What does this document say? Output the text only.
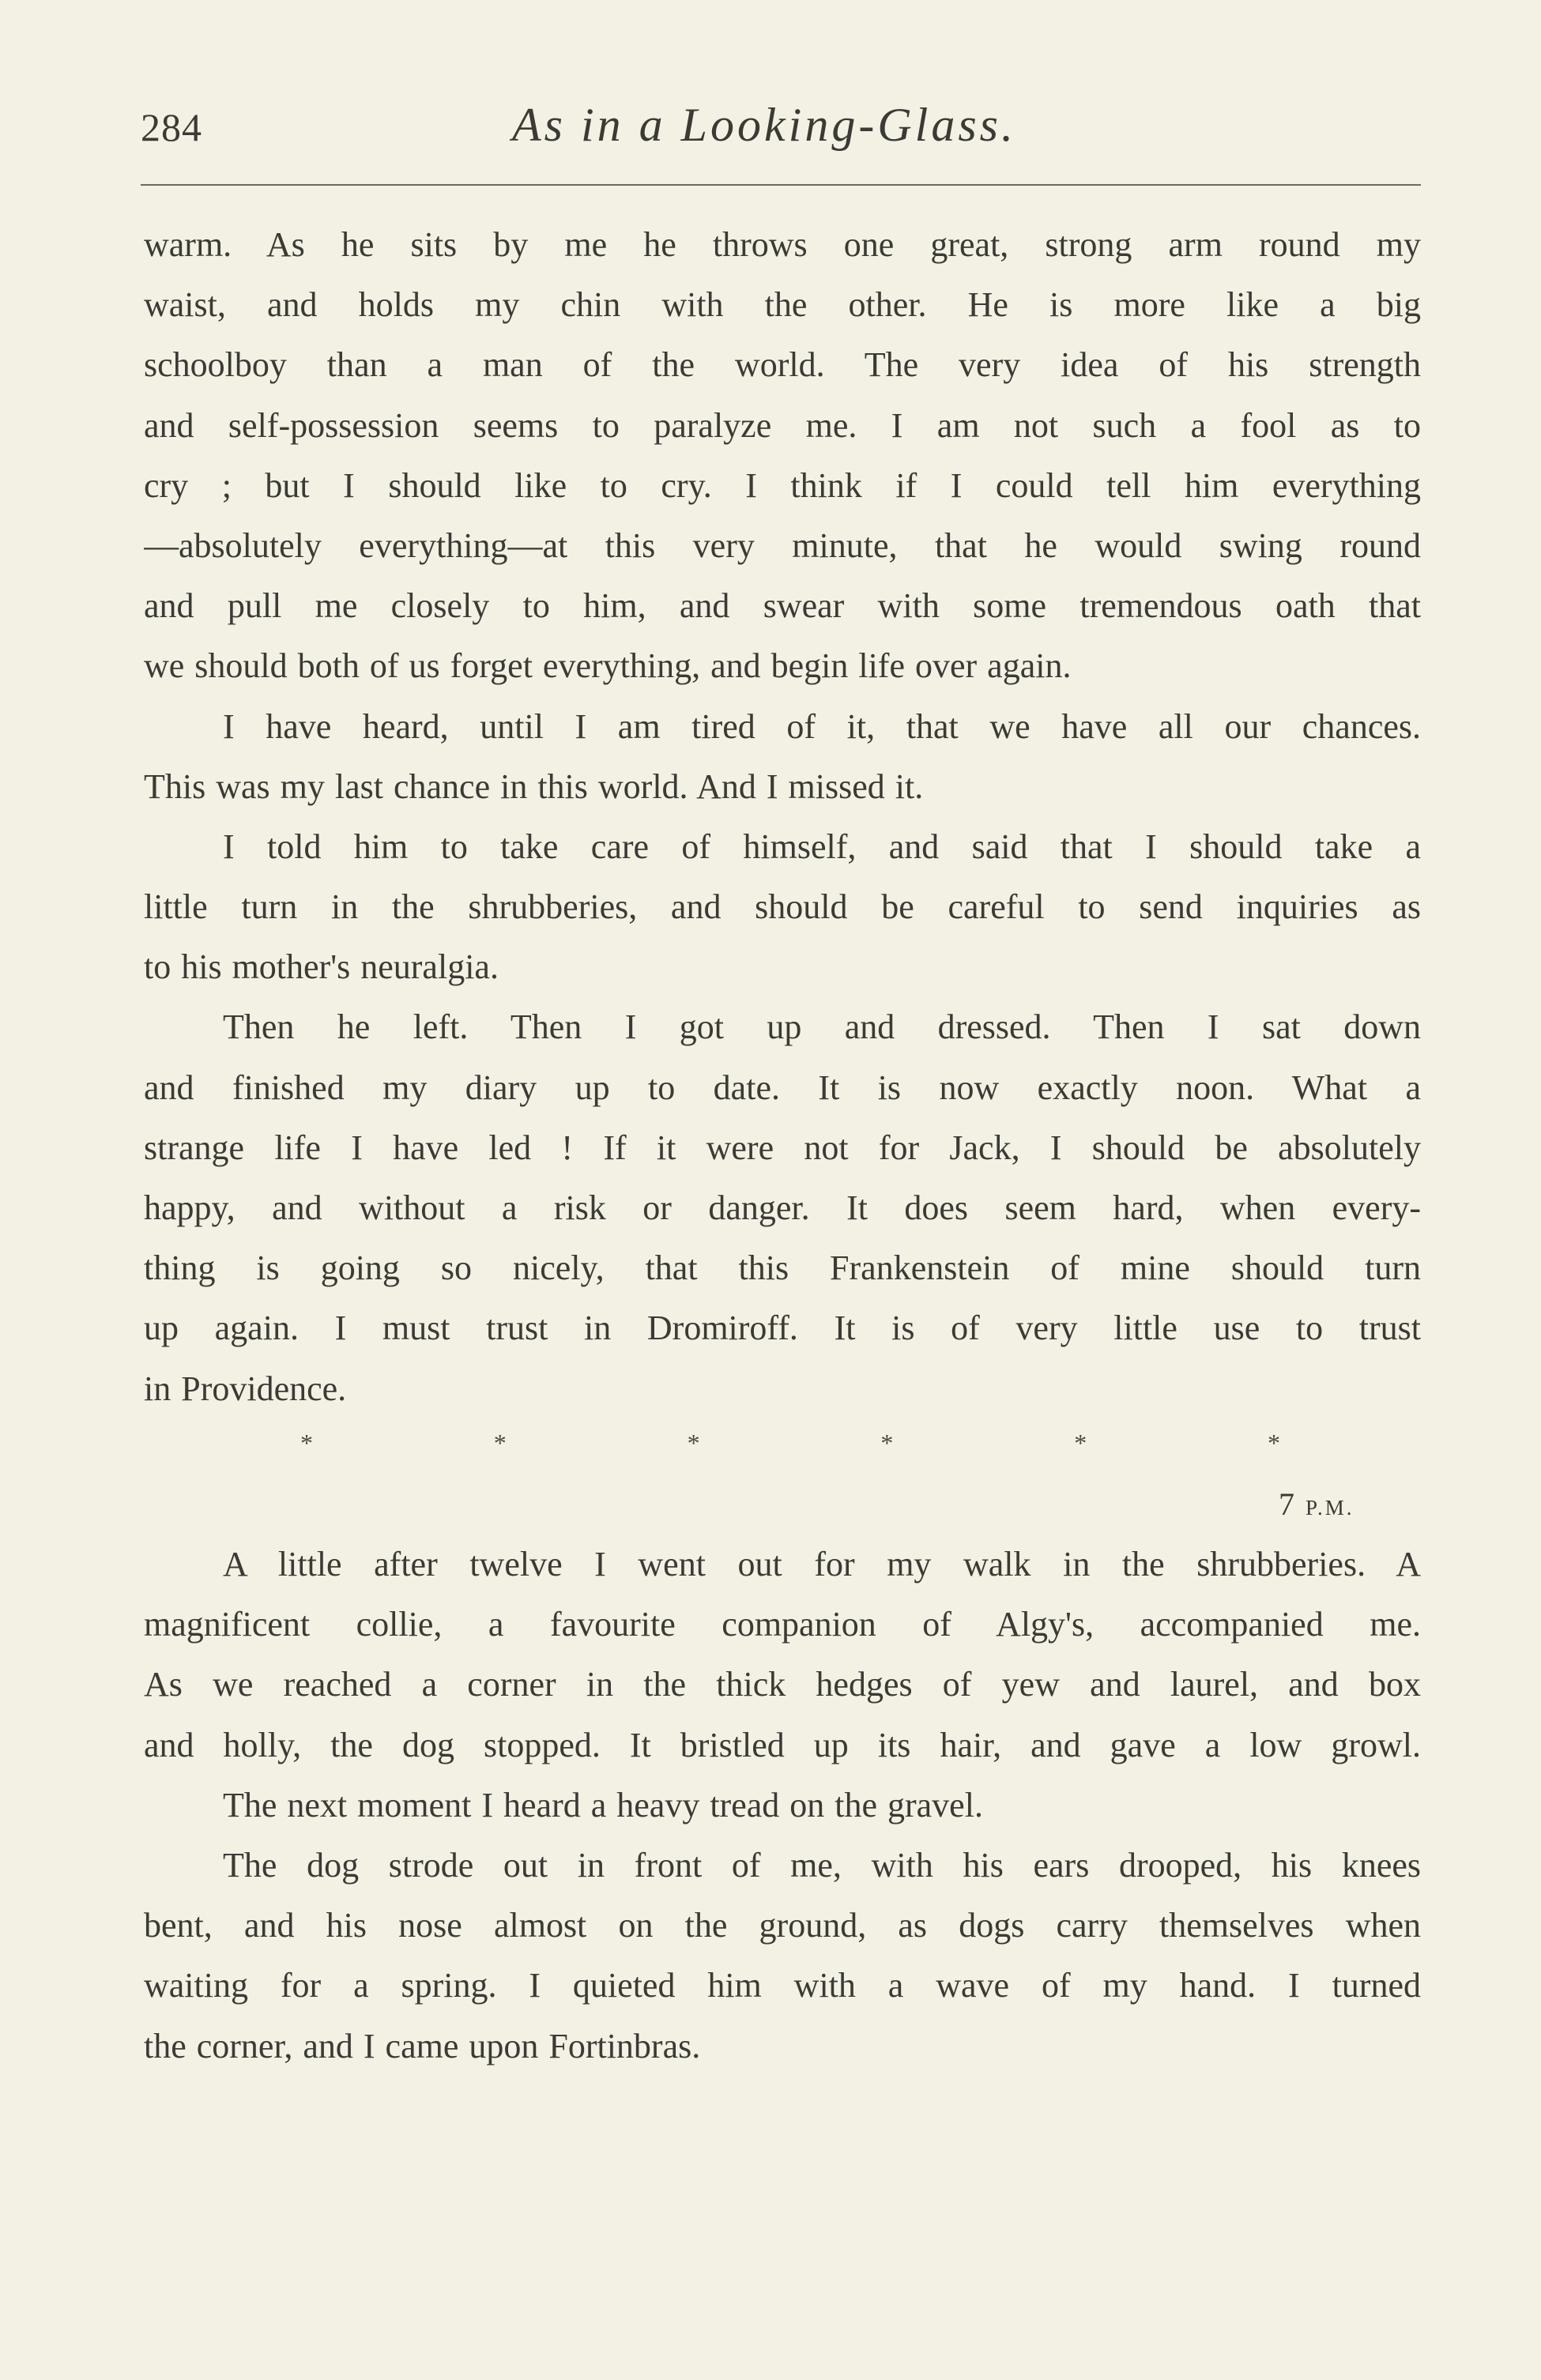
284	As in a Looking-Glass.
warm. As he sits by me he throws one great, strong arm round my
waist, and holds my chin with the other. He is more like a big
schoolboy than a man of the world. The very idea of his strength
and self-possession seems to paralyze me. I am not such a fool as to
cry ; but I should like to cry. I think if I could tell him everything
—absolutely everything—at this very minute, that he would swing round
and pull me closely to him, and swear with some tremendous oath that
we should both of us forget everything, and begin life over again.
I have heard, until I am tired of it, that we have all our chances.
This was my last chance in this world. And I missed it.
I told him to take care of himself, and said that I should take a
little turn in the shrubberies, and should be careful to send inquiries as
to his mother's neuralgia.
Then he left. Then I got up and dressed. Then I sat down
and finished my diary up to date. It is now exactly noon. What a
strange life I have led ! If it were not for Jack, I should be absolutely
happy, and without a risk or danger. It does seem hard, when every-
thing is going so nicely, that this Frankenstein of mine should turn
up again. I must trust in Dromiroff. It is of very little use to trust
in Providence.
*	*	*	*	*	*
7 P.M.
A little after twelve I went out for my walk in the shrubberies. A
magnificent collie, a favourite companion of Algy's, accompanied me.
As we reached a corner in the thick hedges of yew and laurel, and box
and holly, the dog stopped. It bristled up its hair, and gave a low growl.
The next moment I heard a heavy tread on the gravel.
The dog strode out in front of me, with his ears drooped, his knees
bent, and his nose almost on the ground, as dogs carry themselves when
waiting for a spring. I quieted him with a wave of my hand. I turned
the corner, and I came upon Fortinbras.
